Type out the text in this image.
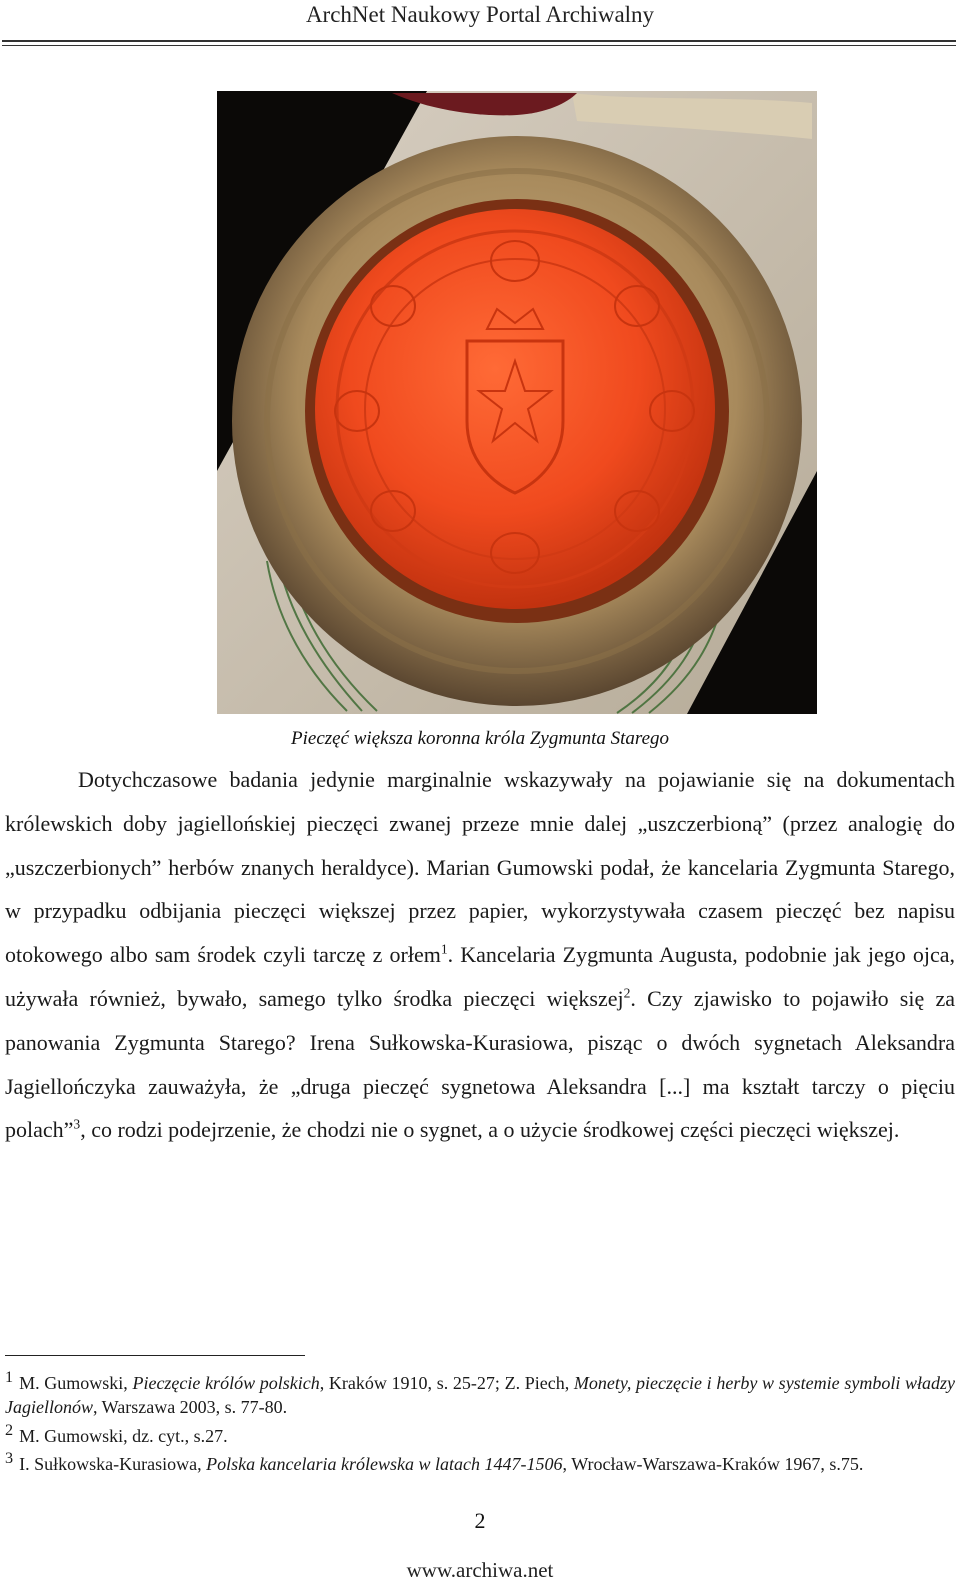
ArchNet Naukowy Portal Archiwalny
Pieczęć większa koronna króla Zygmunta Starego

Dotychczasowe badania jedynie marginalnie wskazywały na pojawianie się na dokumentach królewskich doby jagiellońskiej pieczęci zwanej przeze mnie dalej „uszczerbioną” (przez analogię do „uszczerbionych” herbów znanych heraldyce). Marian Gumowski podał, że kancelaria Zygmunta Starego, w przypadku odbijania pieczęci większej przez papier, wykorzystywała czasem pieczęć bez napisu otokowego albo sam środek czyli tarczę z orłem$^1$. Kancelaria Zygmunta Augusta, podobnie jak jego ojca, używała również, bywało, samego tylko środka pieczęci większej$^2$. Czy zjawisko to pojawiło się za panowania Zygmunta Starego? Irena Sułkowska-Kurasiowa, pisząc o dwóch sygnetach Aleksandra Jagiellończyka zauważyła, że „druga pieczęć sygnetowa Aleksandra [...] ma kształt tarczy o pięciu polach”$^3$, co rodzi podejrzenie, że chodzi nie o sygnet, a o użycie środkowej części pieczęci większej.

1 M. Gumowski, Pieczęcie królów polskich, Kraków 1910, s. 25-27; Z. Piech, Monety, pieczęcie i herby w systemie symboli władzy Jagiellonów, Warszawa 2003, s. 77-80.

2 M. Gumowski, dz. cyt., s.27.

3 I. Sułkowska-Kurasiowa, Polska kancelaria królewska w latach 1447-1506, Wrocław-Warszawa-Kraków 1967, s.75.

2
www.archiwa.net
